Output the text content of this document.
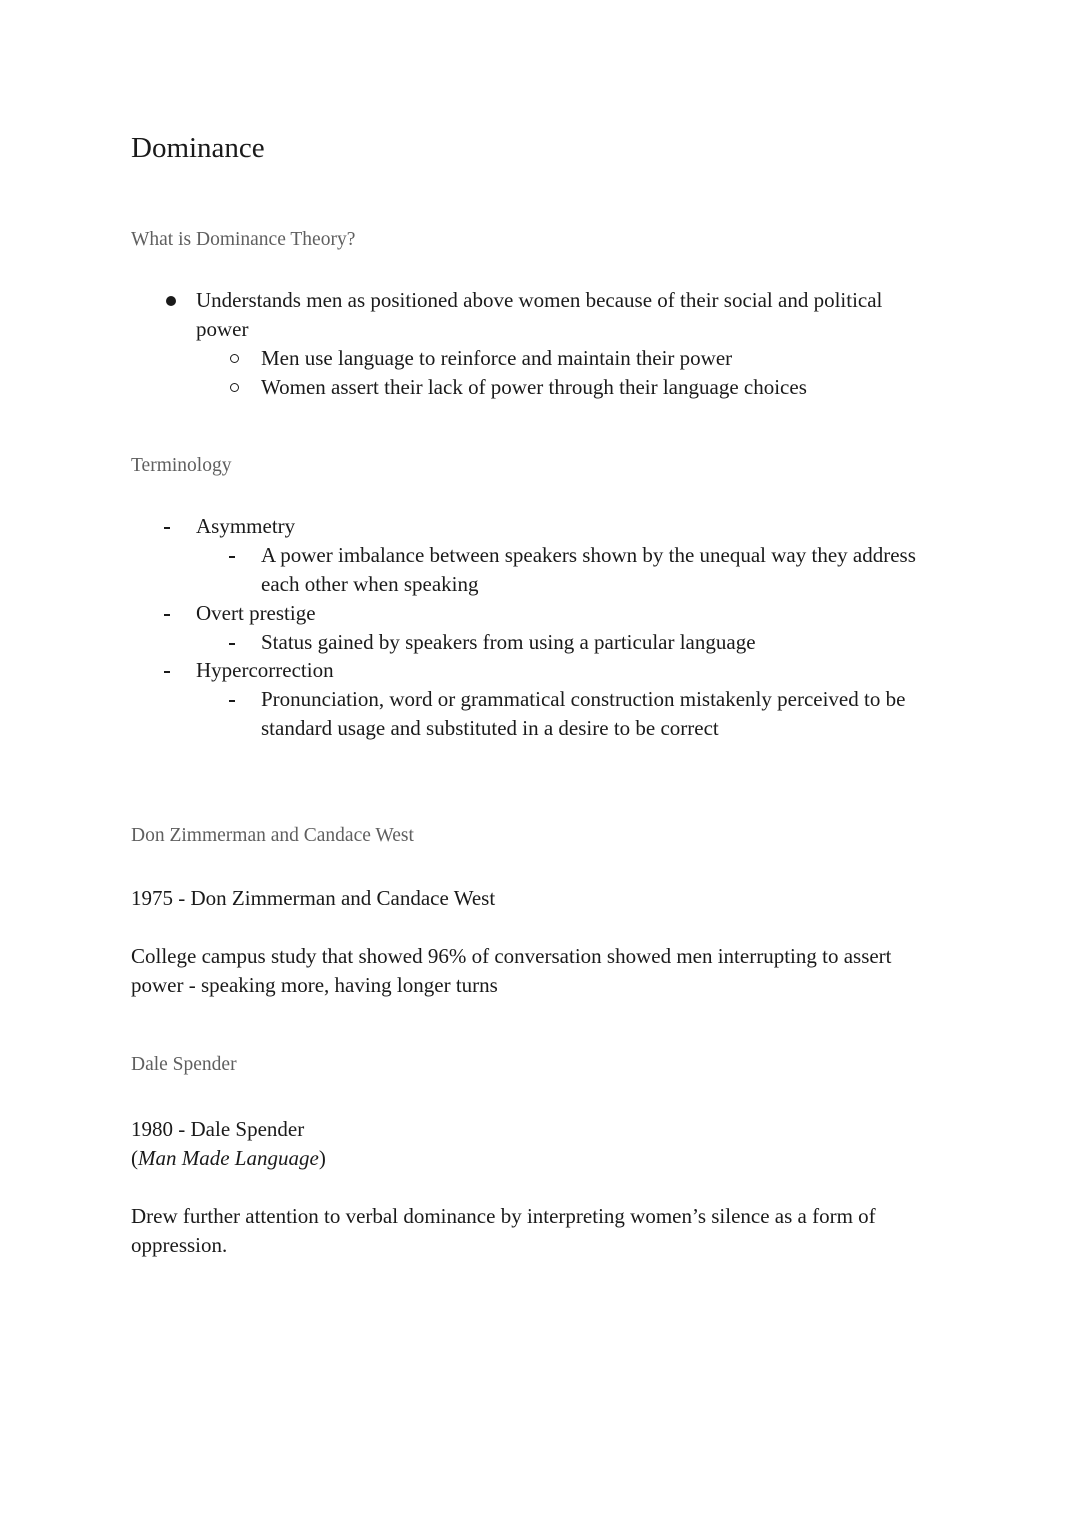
Dominance
What is Dominance Theory?
Understands men as positioned above women because of their social and political
power
Men use language to reinforce and maintain their power
Women assert their lack of power through their language choices
Terminology
Asymmetry
A power imbalance between speakers shown by the unequal way they address
each other when speaking
Overt prestige
Status gained by speakers from using a particular language
Hypercorrection
Pronunciation, word or grammatical construction mistakenly perceived to be
standard usage and substituted in a desire to be correct
Don Zimmerman and Candace West
1975 - Don Zimmerman and Candace West
College campus study that showed 96% of conversation showed men interrupting to assert
power - speaking more, having longer turns
Dale Spender
1980 - Dale Spender
(Man Made Language)
Drew further attention to verbal dominance by interpreting women’s silence as a form of
oppression.
